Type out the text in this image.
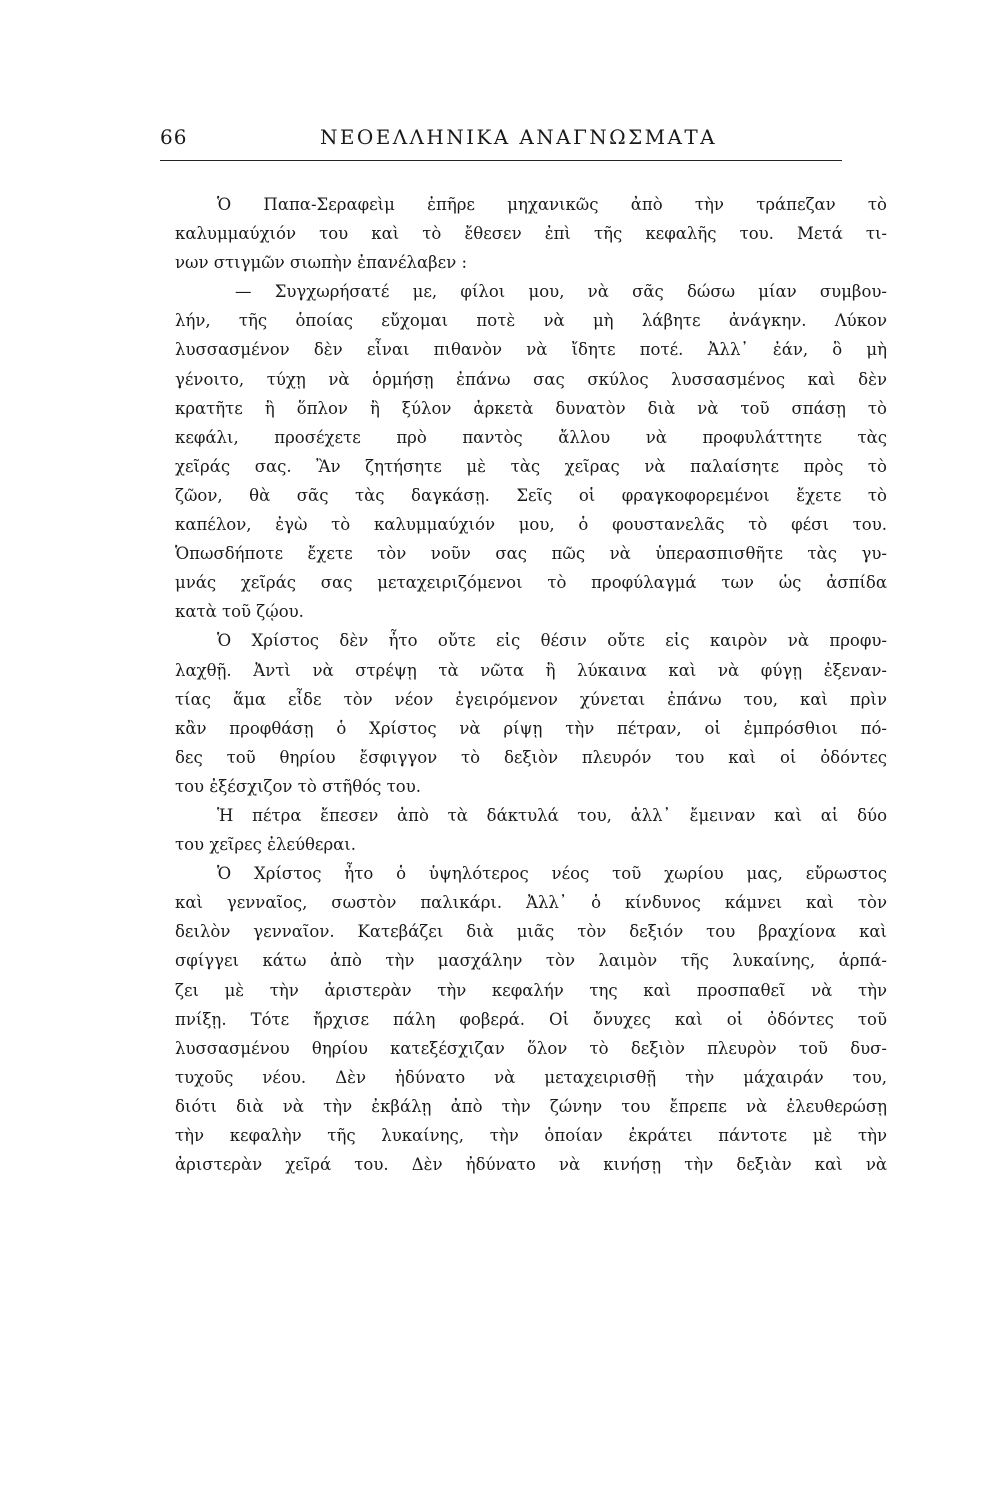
66	ΝΕΟΕΛΛΗΝΙΚΑ ΑΝΑΓΝΩΣΜΑΤΑ
Ὁ Παπα-Σεραφεὶμ ἐπῆρε μηχανικῶς ἀπὸ τὴν τράπεζαν τὸ
καλυμμαύχιόν του καὶ τὸ ἔθεσεν ἐπὶ τῆς κεφαλῆς του. Μετά τι-
νων στιγμῶν σιωπὴν ἐπανέλαβεν :
— Συγχωρήσατέ με, φίλοι μου, νὰ σᾶς δώσω μίαν συμβου-
λήν, τῆς ὁποίας εὔχομαι ποτὲ νὰ μὴ λάβητε ἀνάγκην. Λύκον
λυσσασμένον δὲν εἶναι πιθανὸν νὰ ἴδητε ποτέ. Ἀλλ᾽ ἐάν, ὃ μὴ
γένοιτο, τύχῃ νὰ ὁρμήσῃ ἐπάνω σας σκύλος λυσσασμένος καὶ δὲν
κρατῆτε ἢ ὅπλον ἢ ξύλον ἀρκετὰ δυνατὸν διὰ νὰ τοῦ σπάσῃ τὸ
κεφάλι, προσέχετε πρὸ παντὸς ἄλλου νὰ προφυλάττητε τὰς
χεῖράς σας. Ἂν ζητήσητε μὲ τὰς χεῖρας νὰ παλαίσητε πρὸς τὸ
ζῶον, θὰ σᾶς τὰς δαγκάσῃ. Σεῖς οἱ φραγκοφορεμένοι ἔχετε τὸ
καπέλον, ἐγὼ τὸ καλυμμαύχιόν μου, ὁ φουστανελᾶς τὸ φέσι του.
Ὁπωσδήποτε ἔχετε τὸν νοῦν σας πῶς νὰ ὑπερασπισθῆτε τὰς γυ-
μνάς χεῖράς σας μεταχειριζόμενοι τὸ προφύλαγμά των ὡς ἀσπίδα
κατὰ τοῦ ζῴου.
Ὁ Χρίστος δὲν ἦτο οὔτε εἰς θέσιν οὔτε εἰς καιρὸν νὰ προφυ-
λαχθῇ. Ἀντὶ νὰ στρέψῃ τὰ νῶτα ἢ λύκαινα καὶ νὰ φύγῃ ἐξεναν-
τίας ἅμα εἶδε τὸν νέον ἐγειρόμενον χύνεται ἐπάνω του, καὶ πρὶν
κἂν προφθάσῃ ὁ Χρίστος νὰ ρίψῃ τὴν πέτραν, οἱ ἐμπρόσθιοι πό-
δες τοῦ θηρίου ἔσφιγγον τὸ δεξιὸν πλευρόν του καὶ οἱ ὀδόντες
του ἐξέσχιζον τὸ στῆθός του.
Ἡ πέτρα ἔπεσεν ἀπὸ τὰ δάκτυλά του, ἀλλ᾽ ἔμειναν καὶ αἱ δύο
του χεῖρες ἐλεύθεραι.
Ὁ Χρίστος ἦτο ὁ ὑψηλότερος νέος τοῦ χωρίου μας, εὔρωστος
καὶ γενναῖος, σωστὸν παλικάρι. Ἀλλ᾽ ὁ κίνδυνος κάμνει καὶ τὸν
δειλὸν γενναῖον. Κατεβάζει διὰ μιᾶς τὸν δεξιόν του βραχίονα καὶ
σφίγγει κάτω ἀπὸ τὴν μασχάλην τὸν λαιμὸν τῆς λυκαίνης, ἁρπά-
ζει μὲ τὴν ἀριστερὰν τὴν κεφαλήν της καὶ προσπαθεῖ νὰ τὴν
πνίξῃ. Τότε ἤρχισε πάλη φοβερά. Οἱ ὄνυχες καὶ οἱ ὀδόντες τοῦ
λυσσασμένου θηρίου κατεξέσχιζαν ὅλον τὸ δεξιὸν πλευρὸν τοῦ δυσ-
τυχοῦς νέου. Δὲν ἠδύνατο νὰ μεταχειρισθῇ τὴν μάχαιράν του,
διότι διὰ νὰ τὴν ἐκβάλῃ ἀπὸ τὴν ζώνην του ἔπρεπε νὰ ἐλευθερώσῃ
τὴν κεφαλὴν τῆς λυκαίνης, τὴν ὁποίαν ἐκράτει πάντοτε μὲ τὴν
ἀριστερὰν χεῖρά του. Δὲν ἠδύνατο νὰ κινήσῃ τὴν δεξιὰν καὶ νὰ
